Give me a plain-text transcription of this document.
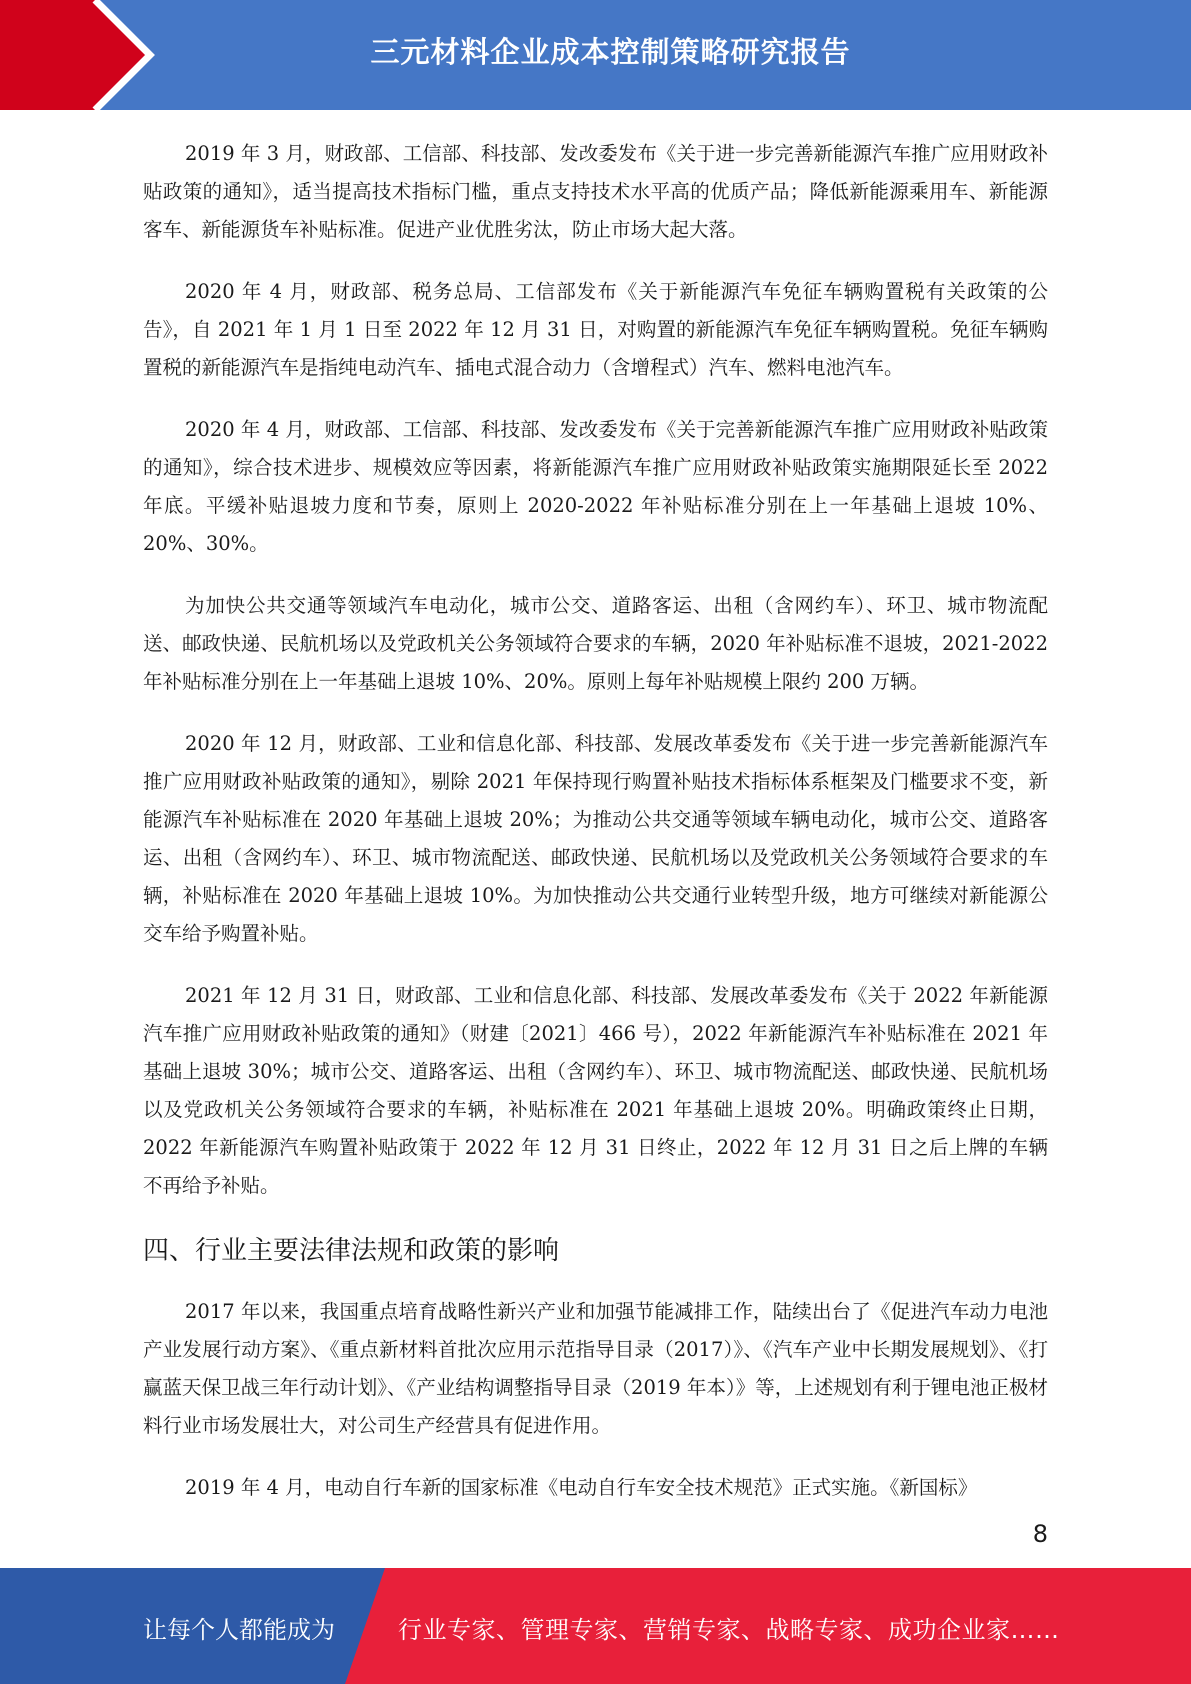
三元材料企业成本控制策略研究报告

2019 年 3 月，财政部、工信部、科技部、发改委发布《关于进一步完善新能源汽车推广应用财政补贴政策的通知》，适当提高技术指标门槛，重点支持技术水平高的优质产品；降低新能源乘用车、新能源客车、新能源货车补贴标准。促进产业优胜劣汰，防止市场大起大落。

2020 年 4 月，财政部、税务总局、工信部发布《关于新能源汽车免征车辆购置税有关政策的公告》，自 2021 年 1 月 1 日至 2022 年 12 月 31 日，对购置的新能源汽车免征车辆购置税。免征车辆购置税的新能源汽车是指纯电动汽车、插电式混合动力（含增程式）汽车、燃料电池汽车。

2020 年 4 月，财政部、工信部、科技部、发改委发布《关于完善新能源汽车推广应用财政补贴政策的通知》，综合技术进步、规模效应等因素，将新能源汽车推广应用财政补贴政策实施期限延长至 2022 年底。平缓补贴退坡力度和节奏，原则上 2020-2022 年补贴标准分别在上一年基础上退坡 10%、20%、30%。

为加快公共交通等领域汽车电动化，城市公交、道路客运、出租（含网约车）、环卫、城市物流配送、邮政快递、民航机场以及党政机关公务领域符合要求的车辆，2020 年补贴标准不退坡，2021-2022 年补贴标准分别在上一年基础上退坡 10%、20%。原则上每年补贴规模上限约 200 万辆。

2020 年 12 月，财政部、工业和信息化部、科技部、发展改革委发布《关于进一步完善新能源汽车推广应用财政补贴政策的通知》，剔除 2021 年保持现行购置补贴技术指标体系框架及门槛要求不变，新能源汽车补贴标准在 2020 年基础上退坡 20%；为推动公共交通等领域车辆电动化，城市公交、道路客运、出租（含网约车）、环卫、城市物流配送、邮政快递、民航机场以及党政机关公务领域符合要求的车辆，补贴标准在 2020 年基础上退坡 10%。为加快推动公共交通行业转型升级，地方可继续对新能源公交车给予购置补贴。

2021 年 12 月 31 日，财政部、工业和信息化部、科技部、发展改革委发布《关于 2022 年新能源汽车推广应用财政补贴政策的通知》（财建〔2021〕466 号），2022 年新能源汽车补贴标准在 2021 年基础上退坡 30%；城市公交、道路客运、出租（含网约车）、环卫、城市物流配送、邮政快递、民航机场以及党政机关公务领域符合要求的车辆，补贴标准在 2021 年基础上退坡 20%。明确政策终止日期，2022 年新能源汽车购置补贴政策于 2022 年 12 月 31 日终止，2022 年 12 月 31 日之后上牌的车辆不再给予补贴。

四、行业主要法律法规和政策的影响

2017 年以来，我国重点培育战略性新兴产业和加强节能减排工作，陆续出台了《促进汽车动力电池产业发展行动方案》、《重点新材料首批次应用示范指导目录（2017）》、《汽车产业中长期发展规划》、《打赢蓝天保卫战三年行动计划》、《产业结构调整指导目录（2019 年本）》等，上述规划有利于锂电池正极材料行业市场发展壮大，对公司生产经营具有促进作用。

2019 年 4 月，电动自行车新的国家标准《电动自行车安全技术规范》正式实施。《新国标》

8
让每个人都能成为	行业专家、管理专家、营销专家、战略专家、成功企业家……
